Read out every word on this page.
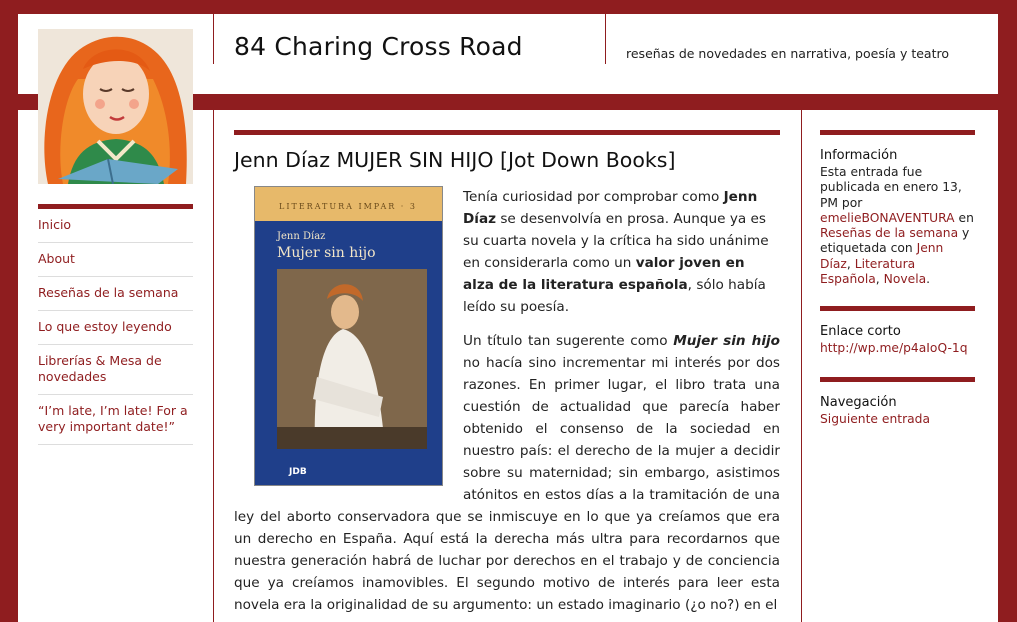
84 Charing Cross Road	reseñas de novedades en narrativa, poesía y teatro
Inicio
About
Reseñas de la semana
Lo que estoy leyendo
Librerías & Mesa de novedades
“I’m late, I’m late! For a very important date!”
Jenn Díaz MUJER SIN HIJO [Jot Down Books]

Tenía curiosidad por comprobar como Jenn Díaz se desenvolvía en prosa. Aunque ya es su cuarta novela y la crítica ha sido unánime en considerarla como un valor joven en alza de la literatura española, sólo había leído su poesía.

Un título tan sugerente como Mujer sin hijo no hacía sino incrementar mi interés por dos razones. En primer lugar, el libro trata una cuestión de actualidad que parecía haber obtenido el consenso de la sociedad en nuestro país: el derecho de la mujer a decidir sobre su maternidad; sin embargo, asistimos atónitos en estos días a la tramitación de una ley del aborto conservadora que se inmiscuye en lo que ya creíamos que era un derecho en España. Aquí está la derecha más ultra para recordarnos que nuestra generación habrá de luchar por derechos en el trabajo y de conciencia que ya creíamos inamovibles. El segundo motivo de interés para leer esta novela era la originalidad de su argumento: un estado imaginario (¿o no?) en el

LITERATURA IMPAR · 3
Jenn Díaz
Mujer sin hijo
JDB
Información
Esta entrada fue publicada en enero 13, PM por emelieBONAVENTURA en Reseñas de la semana y etiquetada con Jenn Díaz, Literatura Española, Novela.
Enlace corto
http://wp.me/p4aIoQ-1q
Navegación
Siguiente entrada
